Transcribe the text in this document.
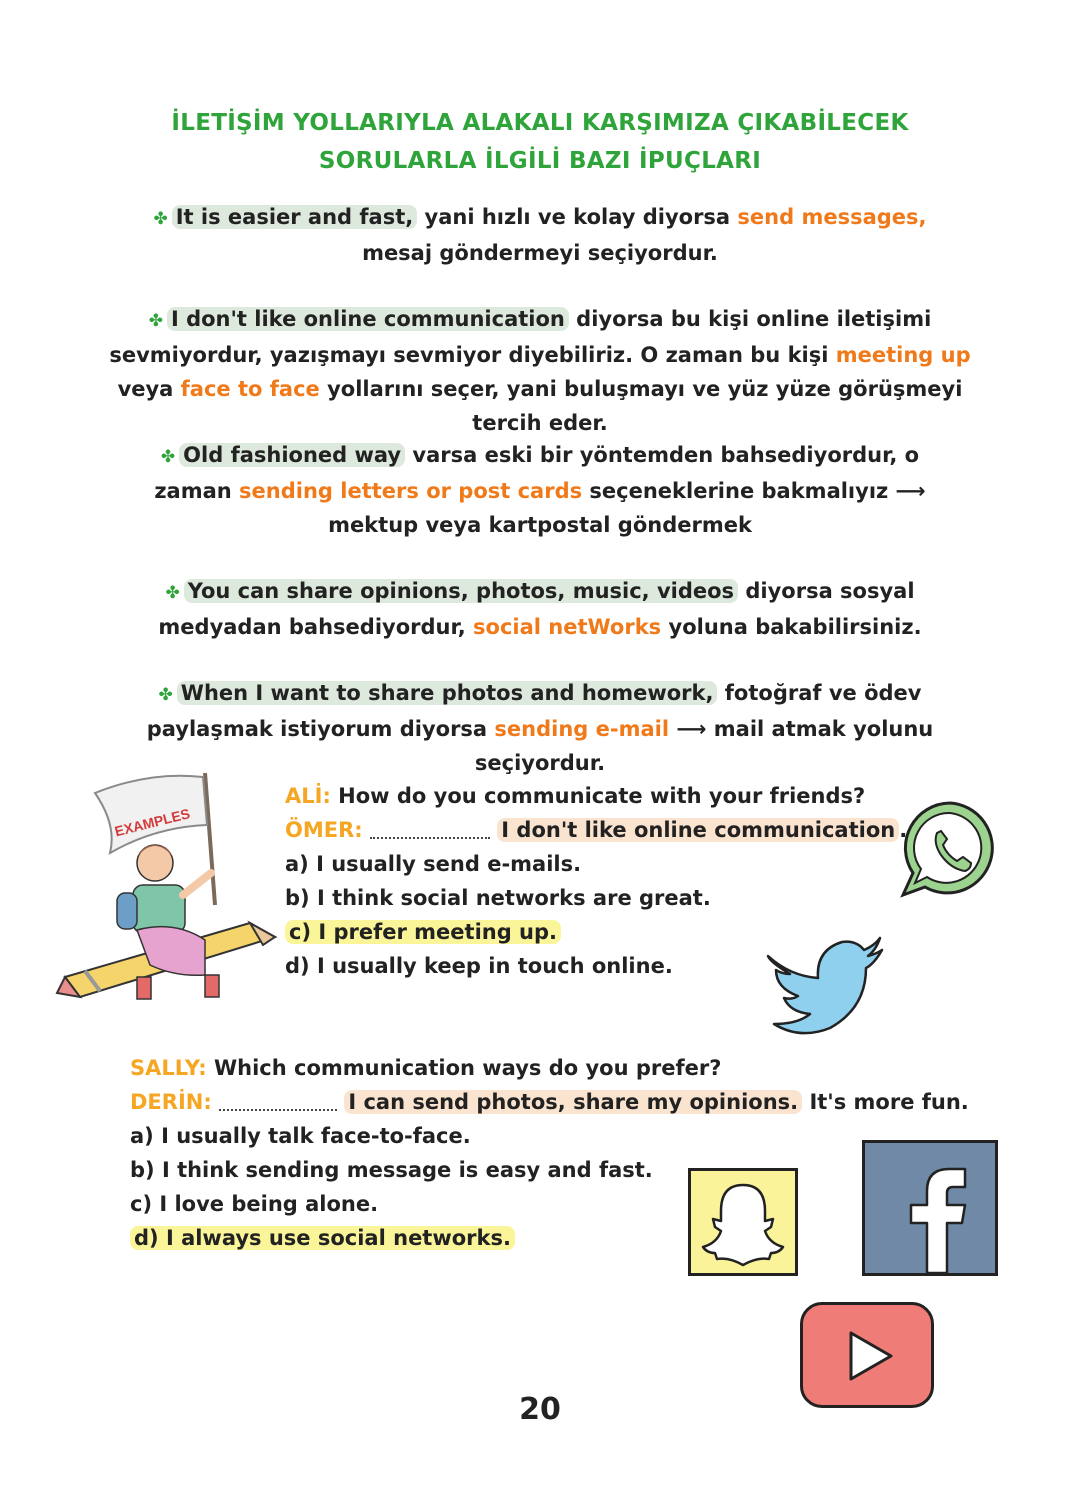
İLETİŞİM YOLLARIYLA ALAKALI KARŞIMIZA ÇIKABİLECEK
SORULARLA İLGİLİ BAZI İPUÇLARI
✤ It is easier and fast, yani hızlı ve kolay diyorsa send messages, mesaj göndermeyi seçiyordur.
✤ I don't like online communication diyorsa bu kişi online iletişimi sevmiyordur, yazışmayı sevmiyor diyebiliriz. O zaman bu kişi meeting up veya face to face yollarını seçer, yani buluşmayı ve yüz yüze görüşmeyi tercih eder.
✤ Old fashioned way varsa eski bir yöntemden bahsediyordur, o zaman sending letters or post cards seçeneklerine bakmalıyız ⟶ mektup veya kartpostal göndermek
✤ You can share opinions, photos, music, videos diyorsa sosyal medyadan bahsediyordur, social netWorks yoluna bakabilirsiniz.
✤ When I want to share photos and homework, fotoğraf ve ödev paylaşmak istiyorum diyorsa sending e-mail ⟶ mail atmak yolunu seçiyordur.
EXAMPLES
ALİ: How do you communicate with your friends?
ÖMER:	I don't like online communication .
a) I usually send e-mails.
b) I think social networks are great.
c) I prefer meeting up.
d) I usually keep in touch online.
SALLY: Which communication ways do you prefer?
DERİN:	I can send photos, share my opinions. It's more fun.
a) I usually talk face-to-face.
b) I think sending message is easy and fast.
c) I love being alone.
d) I always use social networks.
20
